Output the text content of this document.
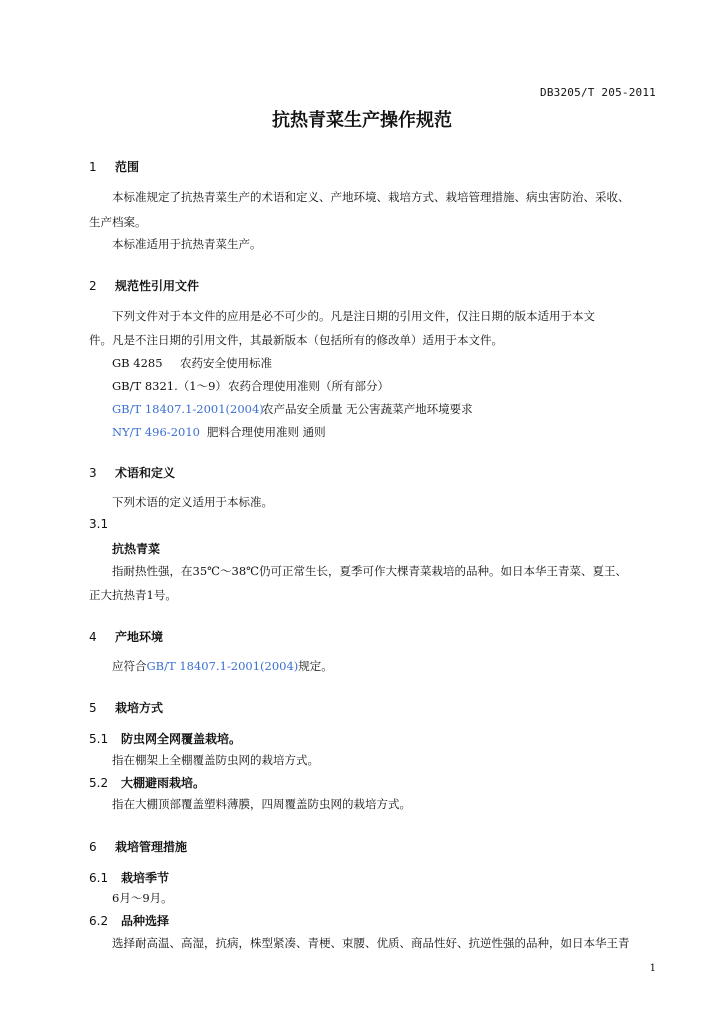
DB3205/T 205-2011
抗热青菜生产操作规范
1 范围
本标准规定了抗热青菜生产的术语和定义、产地环境、栽培方式、栽培管理措施、病虫害防治、采收、
生产档案。
本标准适用于抗热青菜生产。
2 规范性引用文件
下列文件对于本文件的应用是必不可少的。凡是注日期的引用文件，仅注日期的版本适用于本文
件。凡是不注日期的引用文件，其最新版本（包括所有的修改单）适用于本文件。
GB 4285 农药安全使用标准
GB/T 8321.（1～9）农药合理使用准则（所有部分）
GB/T 18407.1-2001(2004)农产品安全质量 无公害蔬菜产地环境要求
NY/T 496-2010 肥料合理使用准则 通则
3 术语和定义
下列术语的定义适用于本标准。
3.1
抗热青菜
指耐热性强，在35℃～38℃仍可正常生长，夏季可作大棵青菜栽培的品种。如日本华王青菜、夏王、
正大抗热青1号。
4 产地环境
应符合GB/T 18407.1-2001(2004)规定。
5 栽培方式
5.1 防虫网全网覆盖栽培。
指在棚架上全棚覆盖防虫网的栽培方式。
5.2 大棚避雨栽培。
指在大棚顶部覆盖塑料薄膜，四周覆盖防虫网的栽培方式。
6 栽培管理措施
6.1 栽培季节
6月～9月。
6.2 品种选择
选择耐高温、高湿，抗病，株型紧凑、青梗、束腰、优质、商品性好、抗逆性强的品种，如日本华王青
1
